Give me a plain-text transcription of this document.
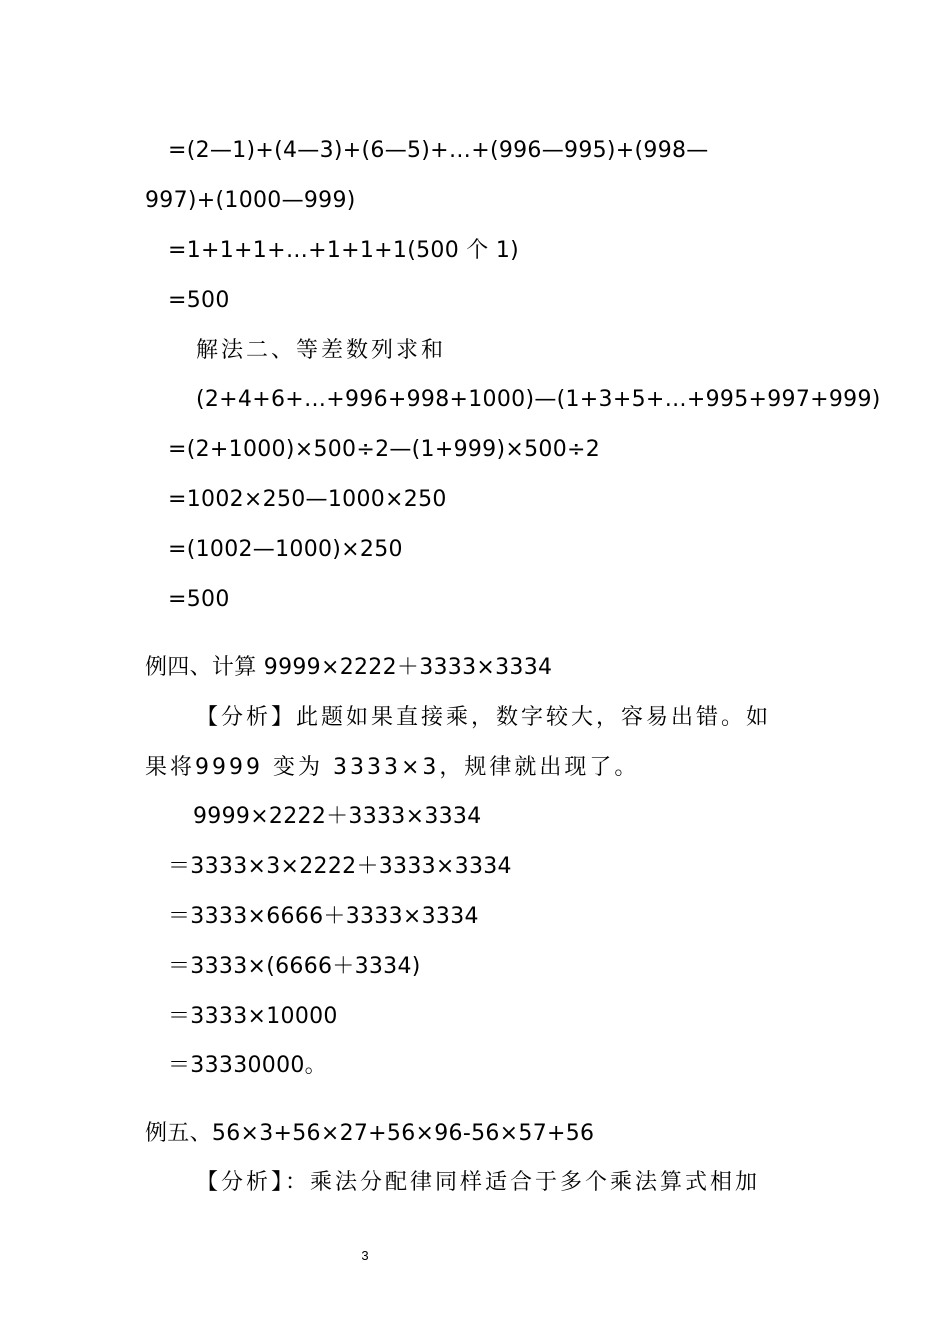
=(2—1)+(4—3)+(6—5)+…+(996—995)+(998—
997)+(1000—999)
=1+1+1+…+1+1+1(500 个 1)
=500
解法二、等差数列求和
(2+4+6+…+996+998+1000)—(1+3+5+…+995+997+999)
=(2+1000)×500÷2—(1+999)×500÷2
=1002×250—1000×250
=(1002—1000)×250
=500
例四、计算 9999×2222＋3333×3334
【分析】此题如果直接乘，数字较大，容易出错。如
果将9999 变为 3333×3，规律就出现了。
9999×2222＋3333×3334
＝3333×3×2222＋3333×3334
＝3333×6666＋3333×3334
＝3333×(6666＋3334)
＝3333×10000
＝33330000。
例五、56×3+56×27+56×96-56×57+56
【分析】：乘法分配律同样适合于多个乘法算式相加
3
